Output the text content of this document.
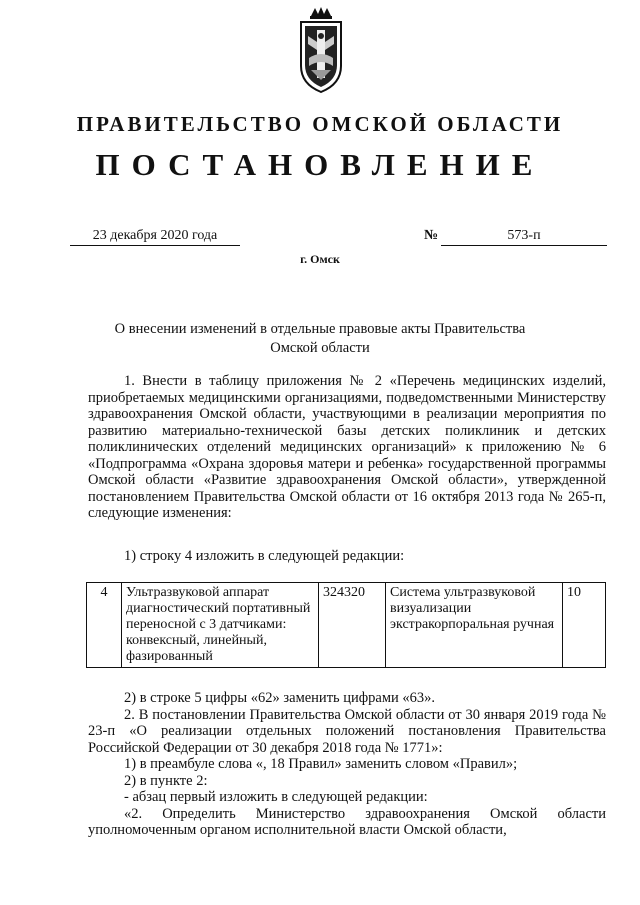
ПРАВИТЕЛЬСТВО ОМСКОЙ ОБЛАСТИ
ПОСТАНОВЛЕНИЕ
23 декабря 2020 года	№	573-п
г. Омск
О внесении изменений в отдельные правовые акты Правительства Омской области

1. Внести в таблицу приложения № 2 «Перечень медицинских изделий, приобретаемых медицинскими организациями, подведомственными Министерству здравоохранения Омской области, участвующими в реализации мероприятия по развитию материально-технической базы детских поликлиник и детских поликлинических отделений медицинских организаций» к приложению № 6 «Подпрограмма «Охрана здоровья матери и ребенка» государственной программы Омской области «Развитие здравоохранения Омской области», утвержденной постановлением Правительства Омской области от 16 октября 2013 года № 265-п, следующие изменения:

1) строку 4 изложить в следующей редакции:

4	Ультразвуковой аппарат диагностический портативный переносной с 3 датчиками: конвексный, линейный, фазированный	324320	Система ультразвуковой визуализации экстракорпоральная ручная	10

2) в строке 5 цифры «62» заменить цифрами «63».

2. В постановлении Правительства Омской области от 30 января 2019 года № 23-п «О реализации отдельных положений постановления Правительства Российской Федерации от 30 декабря 2018 года № 1771»:

1) в преамбуле слова «, 18 Правил» заменить словом «Правил»;

2) в пункте 2:

- абзац первый изложить в следующей редакции:

«2. Определить Министерство здравоохранения Омской области уполномоченным органом исполнительной власти Омской области,
